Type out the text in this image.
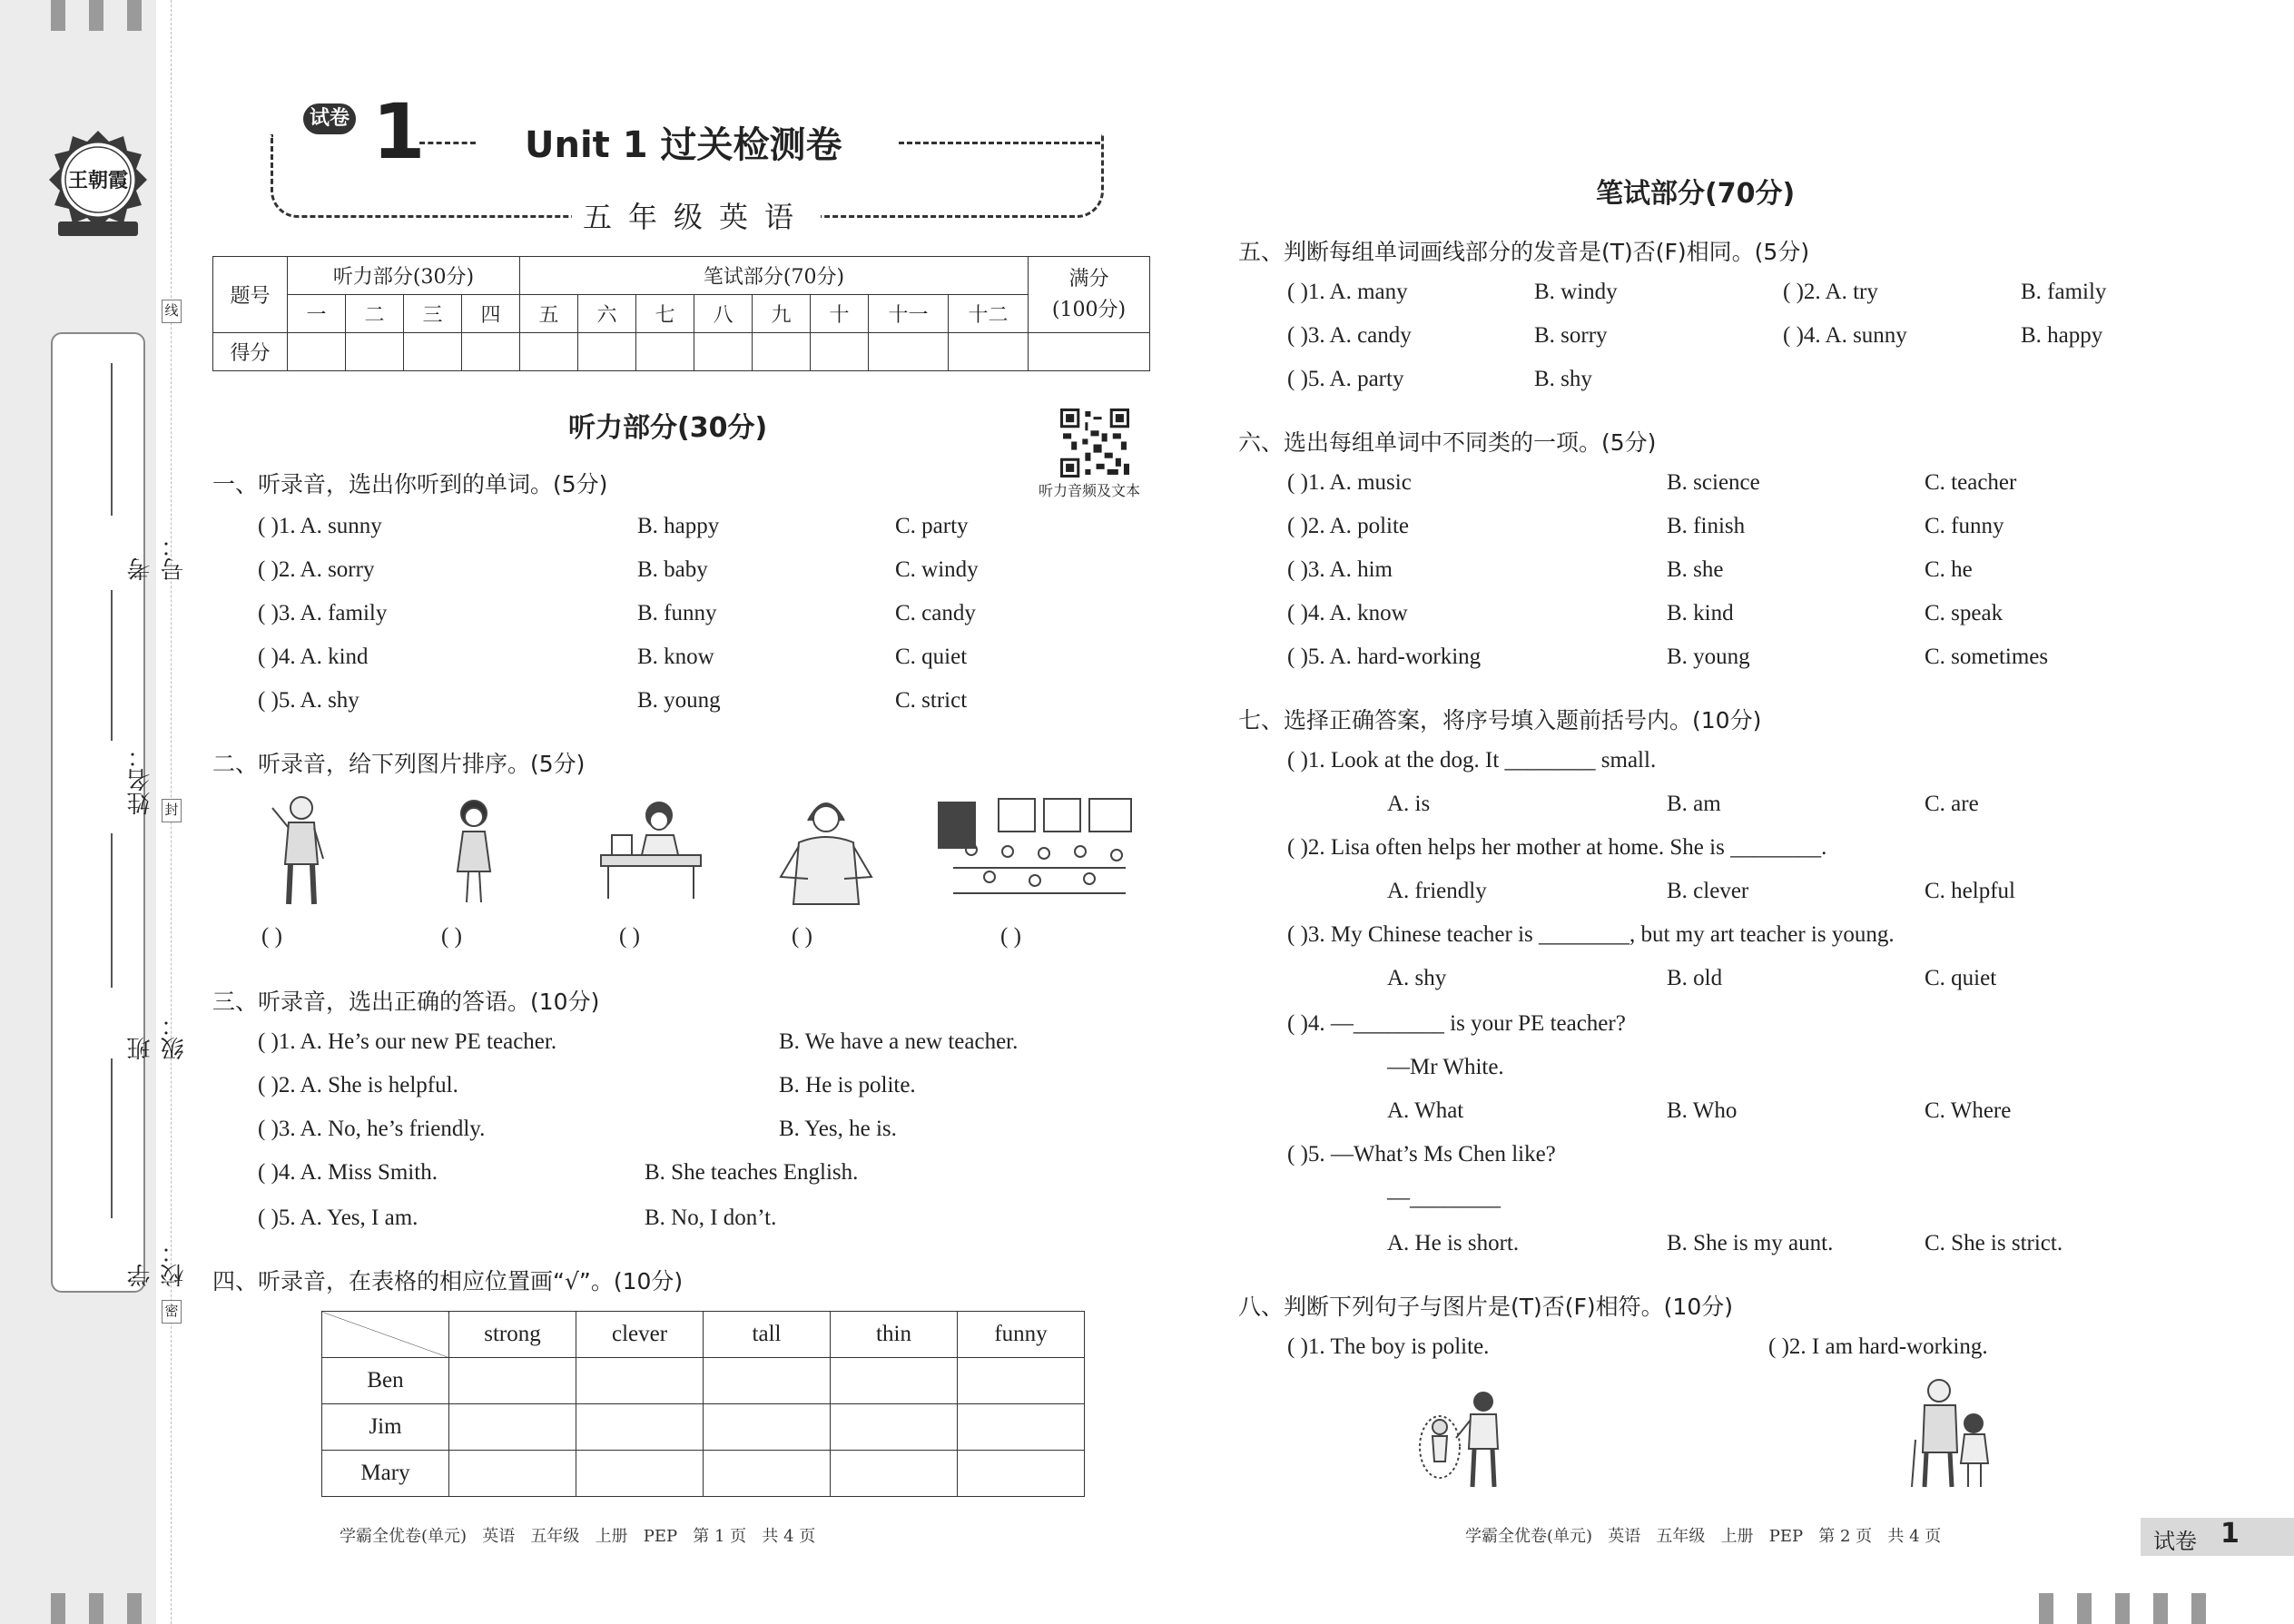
线
封
密
考号：
姓名：
班级：
学校：
王朝霞
试卷 1	Unit 1 过关检测卷
五年级英语
题号	听力部分(30分)				笔试部分(70分)								满分
(100分)

	一	二	三	四	五	六	七	八	九	十	十一	十二	
得分													
听力部分(30分)
听力音频及文本
一、听录音，选出你听到的单词。(5分)
( )1. A. sunny	B. happy	C. party
( )2. A. sorry	B. baby	C. windy
( )3. A. family	B. funny	C. candy
( )4. A. kind	B. know	C. quiet
( )5. A. shy	B. young	C. strict
二、听录音，给下列图片排序。(5分)
( )	( )	( )	( )	( )
三、听录音，选出正确的答语。(10分)
( )1. A. He’s our new PE teacher.	B. We have a new teacher.
( )2. A. She is helpful.	B. He is polite.
( )3. A. No, he’s friendly.	B. Yes, he is.
( )4. A. Miss Smith.	B. She teaches English.
( )5. A. Yes, I am.	B. No, I don’t.
四、听录音，在表格的相应位置画“√”。(10分)
	strong	clever	tall	thin	funny
Ben					
Jim					
Mary					
学霸全优卷(单元) 英语 五年级 上册 PEP 第 1 页 共 4 页
笔试部分(70分)
五、判断每组单词画线部分的发音是(T)否(F)相同。(5分)
( )1. A. many	B. windy	( )2. A. try	B. family
( )3. A. candy	B. sorry	( )4. A. sunny	B. happy
( )5. A. party	B. shy
六、选出每组单词中不同类的一项。(5分)
( )1. A. music	B. science	C. teacher
( )2. A. polite	B. finish	C. funny
( )3. A. him	B. she	C. he
( )4. A. know	B. kind	C. speak
( )5. A. hard-working	B. young	C. sometimes
七、选择正确答案，将序号填入题前括号内。(10分)
( )1. Look at the dog. It ________ small.
A. is	B. am	C. are
( )2. Lisa often helps her mother at home. She is ________.
A. friendly	B. clever	C. helpful
( )3. My Chinese teacher is ________, but my art teacher is young.
A. shy	B. old	C. quiet
( )4. —________ is your PE teacher?
—Mr White.
A. What	B. Who	C. Where
( )5. —What’s Ms Chen like?
—________
A. He is short.	B. She is my aunt.	C. She is strict.
八、判断下列句子与图片是(T)否(F)相符。(10分)
( )1. The boy is polite.	( )2. I am hard-working.
学霸全优卷(单元) 英语 五年级 上册 PEP 第 2 页 共 4 页	试卷 1
